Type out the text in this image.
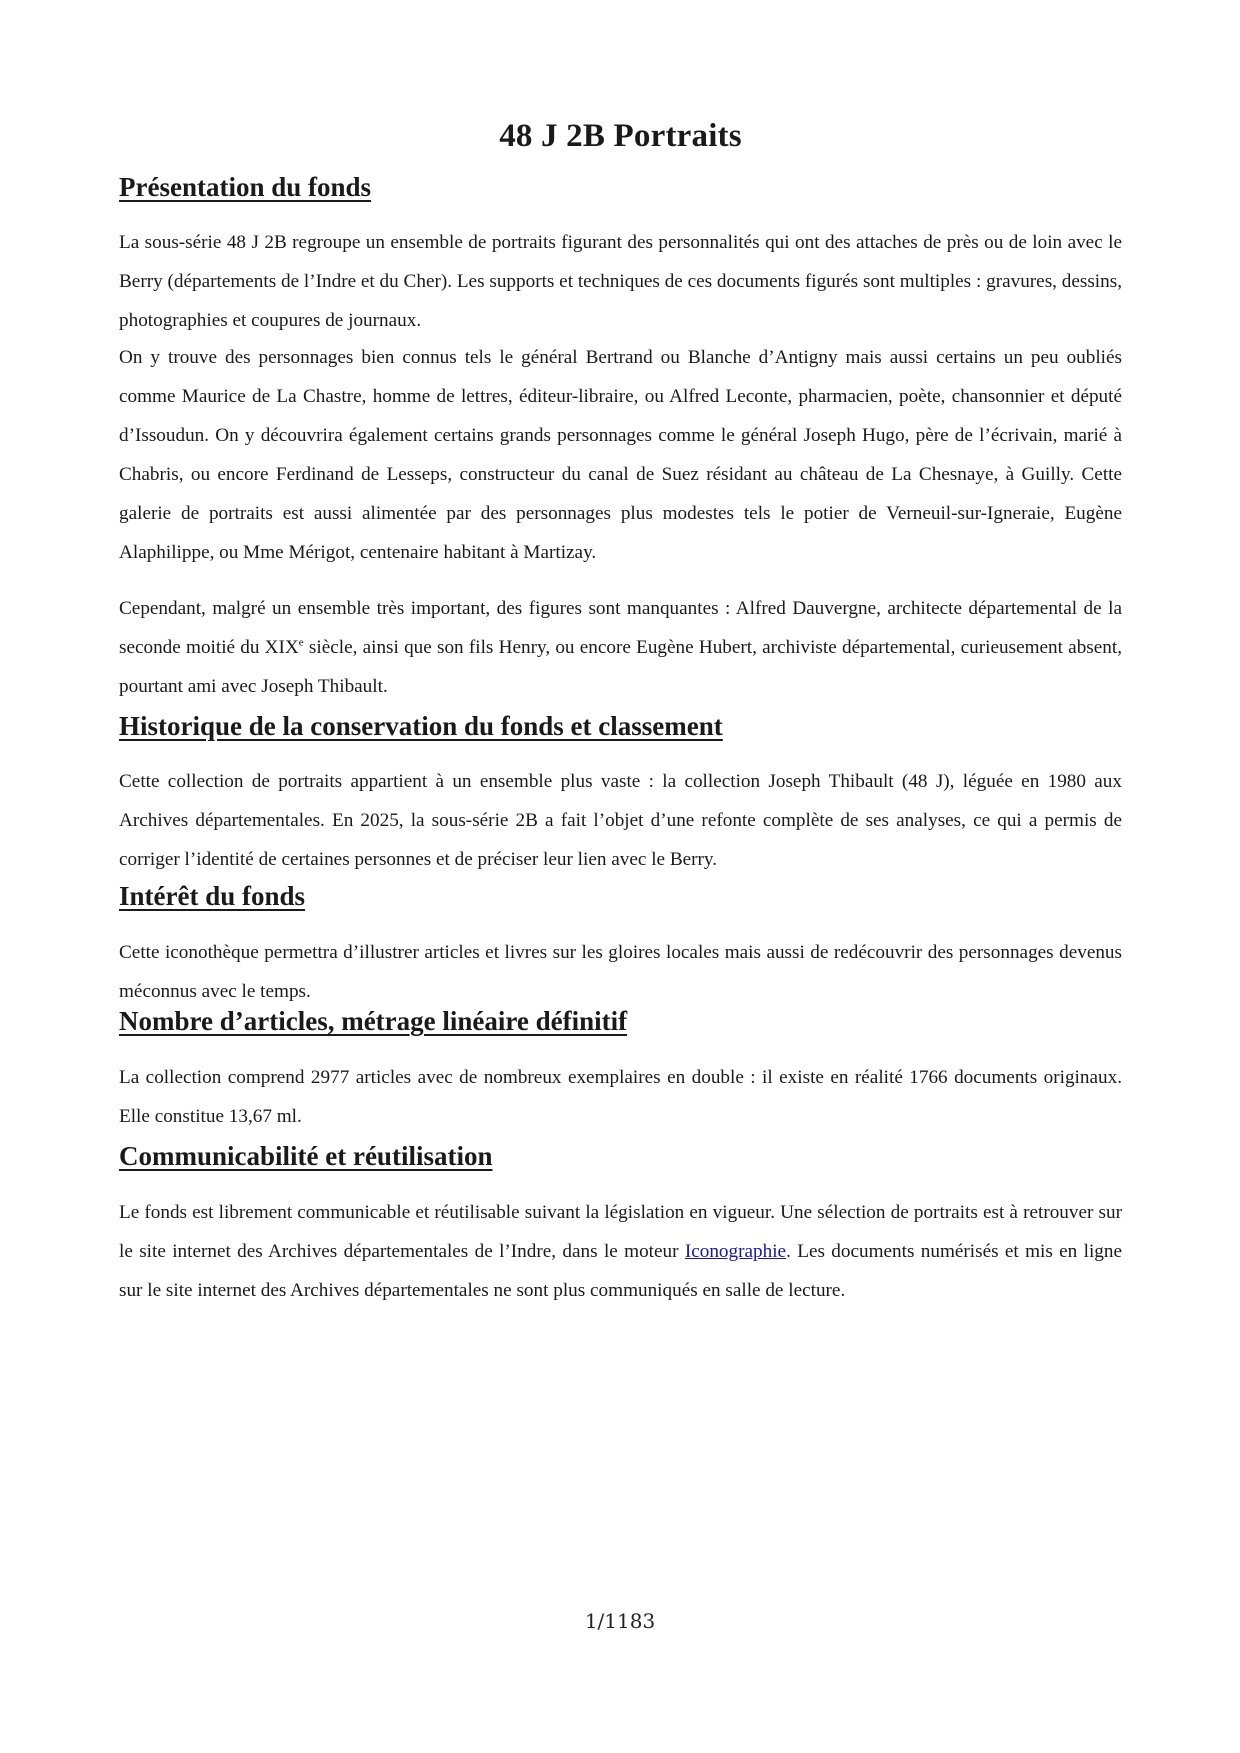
48 J 2B Portraits
Présentation du fonds

La sous-série 48 J 2B regroupe un ensemble de portraits figurant des personnalités qui ont des attaches de près ou de loin avec le Berry (départements de l’Indre et du Cher). Les supports et techniques de ces documents figurés sont multiples : gravures, dessins, photographies et coupures de journaux.

On y trouve des personnages bien connus tels le général Bertrand ou Blanche d’Antigny mais aussi certains un peu oubliés comme Maurice de La Chastre, homme de lettres, éditeur-libraire, ou Alfred Leconte, pharmacien, poète, chansonnier et député d’Issoudun. On y découvrira également certains grands personnages comme le général Joseph Hugo, père de l’écrivain, marié à Chabris, ou encore Ferdinand de Lesseps, constructeur du canal de Suez résidant au château de La Chesnaye, à Guilly. Cette galerie de portraits est aussi alimentée par des personnages plus modestes tels le potier de Verneuil-sur-Igneraie, Eugène Alaphilippe, ou Mme Mérigot, centenaire habitant à Martizay.

Cependant, malgré un ensemble très important, des figures sont manquantes : Alfred Dauvergne, architecte départemental de la seconde moitié du XIXe siècle, ainsi que son fils Henry, ou encore Eugène Hubert, archiviste départemental, curieusement absent, pourtant ami avec Joseph Thibault.

Historique de la conservation du fonds et classement

Cette collection de portraits appartient à un ensemble plus vaste : la collection Joseph Thibault (48 J), léguée en 1980 aux Archives départementales. En 2025, la sous-série 2B a fait l’objet d’une refonte complète de ses analyses, ce qui a permis de corriger l’identité de certaines personnes et de préciser leur lien avec le Berry.

Intérêt du fonds

Cette iconothèque permettra d’illustrer articles et livres sur les gloires locales mais aussi de redécouvrir des personnages devenus méconnus avec le temps.

Nombre d’articles, métrage linéaire définitif

La collection comprend 2977 articles avec de nombreux exemplaires en double : il existe en réalité 1766 documents originaux. Elle constitue 13,67 ml.

Communicabilité et réutilisation

Le fonds est librement communicable et réutilisable suivant la législation en vigueur. Une sélection de portraits est à retrouver sur le site internet des Archives départementales de l’Indre, dans le moteur Iconographie. Les documents numérisés et mis en ligne sur le site internet des Archives départementales ne sont plus communiqués en salle de lecture.

1/1183
